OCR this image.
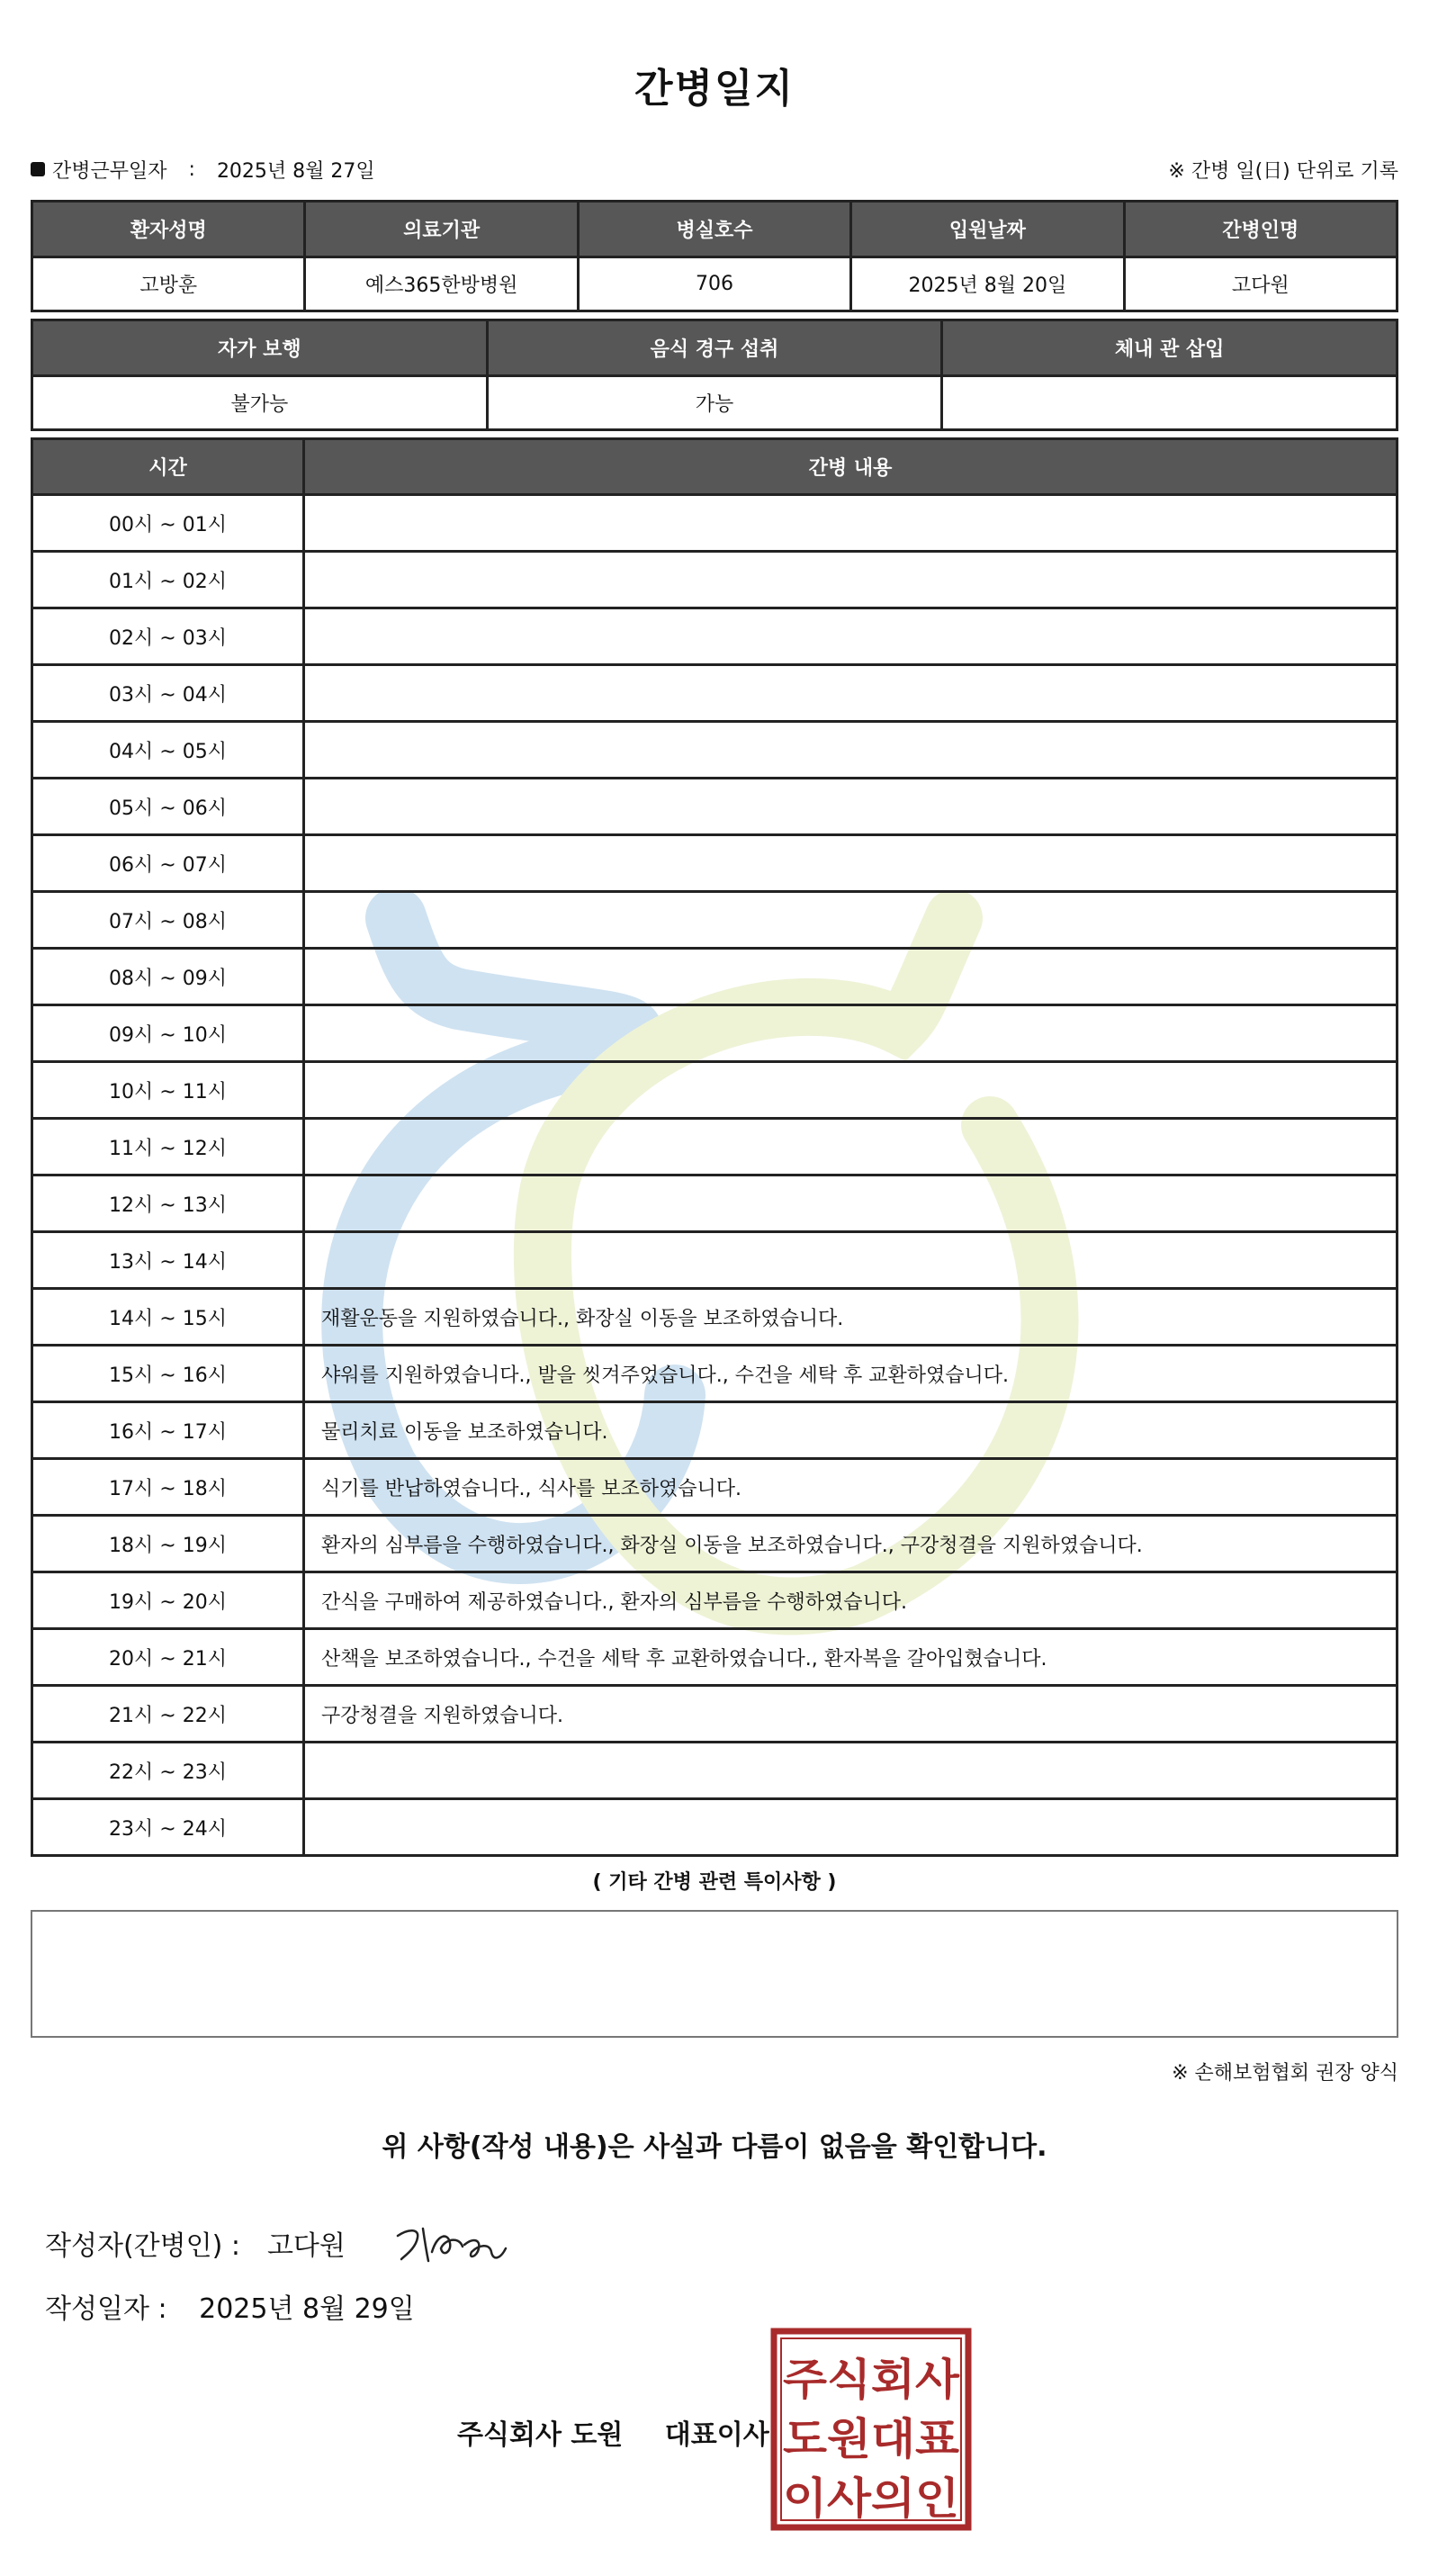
간병일지
간병근무일자 : 2025년 8월 27일	※ 간병 일(日) 단위로 기록
환자성명	의료기관	병실호수	입원날짜	간병인명
고방훈	예스365한방병원	706	2025년 8월 20일	고다원
자가 보행	음식 경구 섭취	체내 관 삽입
불가능	가능	
시간	간병 내용
00시 ~ 01시	
01시 ~ 02시	
02시 ~ 03시	
03시 ~ 04시	
04시 ~ 05시	
05시 ~ 06시	
06시 ~ 07시	
07시 ~ 08시	
08시 ~ 09시	
09시 ~ 10시	
10시 ~ 11시	
11시 ~ 12시	
12시 ~ 13시	
13시 ~ 14시	
14시 ~ 15시	재활운동을 지원하였습니다., 화장실 이동을 보조하였습니다.
15시 ~ 16시	샤워를 지원하였습니다., 발을 씻겨주었습니다., 수건을 세탁 후 교환하였습니다.
16시 ~ 17시	물리치료 이동을 보조하였습니다.
17시 ~ 18시	식기를 반납하였습니다., 식사를 보조하였습니다.
18시 ~ 19시	환자의 심부름을 수행하였습니다., 화장실 이동을 보조하였습니다., 구강청결을 지원하였습니다.
19시 ~ 20시	간식을 구매하여 제공하였습니다., 환자의 심부름을 수행하였습니다.
20시 ~ 21시	산책을 보조하였습니다., 수건을 세탁 후 교환하였습니다., 환자복을 갈아입혔습니다.
21시 ~ 22시	구강청결을 지원하였습니다.
22시 ~ 23시	
23시 ~ 24시	
( 기타 간병 관련 특이사항 )
※ 손해보험협회 권장 양식
위 사항(작성 내용)은 사실과 다름이 없음을 확인합니다.
작성자(간병인) : 고다원
작성일자 : 2025년 8월 29일
주식회사 도원 대표이사
주식회사
도원대표
이사의인
